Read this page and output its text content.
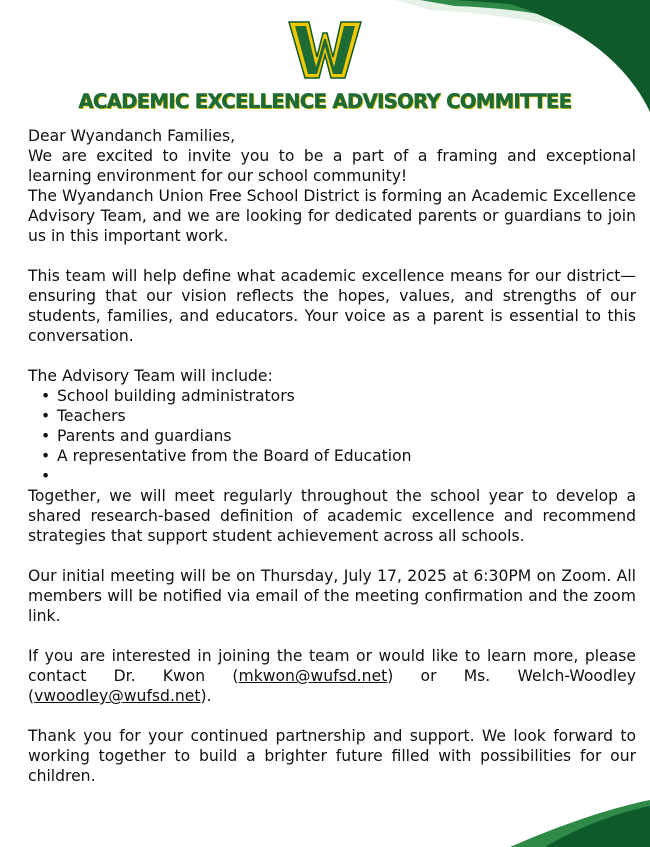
ACADEMIC EXCELLENCE ADVISORY COMMITTEE

Dear Wyandanch Families,

We are excited to invite you to be a part of a framing and exceptional learning environment for our school community!

The Wyandanch Union Free School District is forming an Academic Excellence Advisory Team, and we are looking for dedicated parents or guardians to join us in this important work.

This team will help define what academic excellence means for our district—ensuring that our vision reflects the hopes, values, and strengths of our students, families, and educators. Your voice as a parent is essential to this conversation.

The Advisory Team will include:

• School building administrators
• Teachers
• Parents and guardians
• A representative from the Board of Education
•

Together, we will meet regularly throughout the school year to develop a shared research-based definition of academic excellence and recommend strategies that support student achievement across all schools.

Our initial meeting will be on Thursday, July 17, 2025 at 6:30PM on Zoom. All members will be notified via email of the meeting confirmation and the zoom link.

If you are interested in joining the team or would like to learn more, please contact Dr. Kwon (mkwon@wufsd.net) or Ms. Welch-Woodley (vwoodley@wufsd.net).

Thank you for your continued partnership and support. We look forward to working together to build a brighter future filled with possibilities for our children.
